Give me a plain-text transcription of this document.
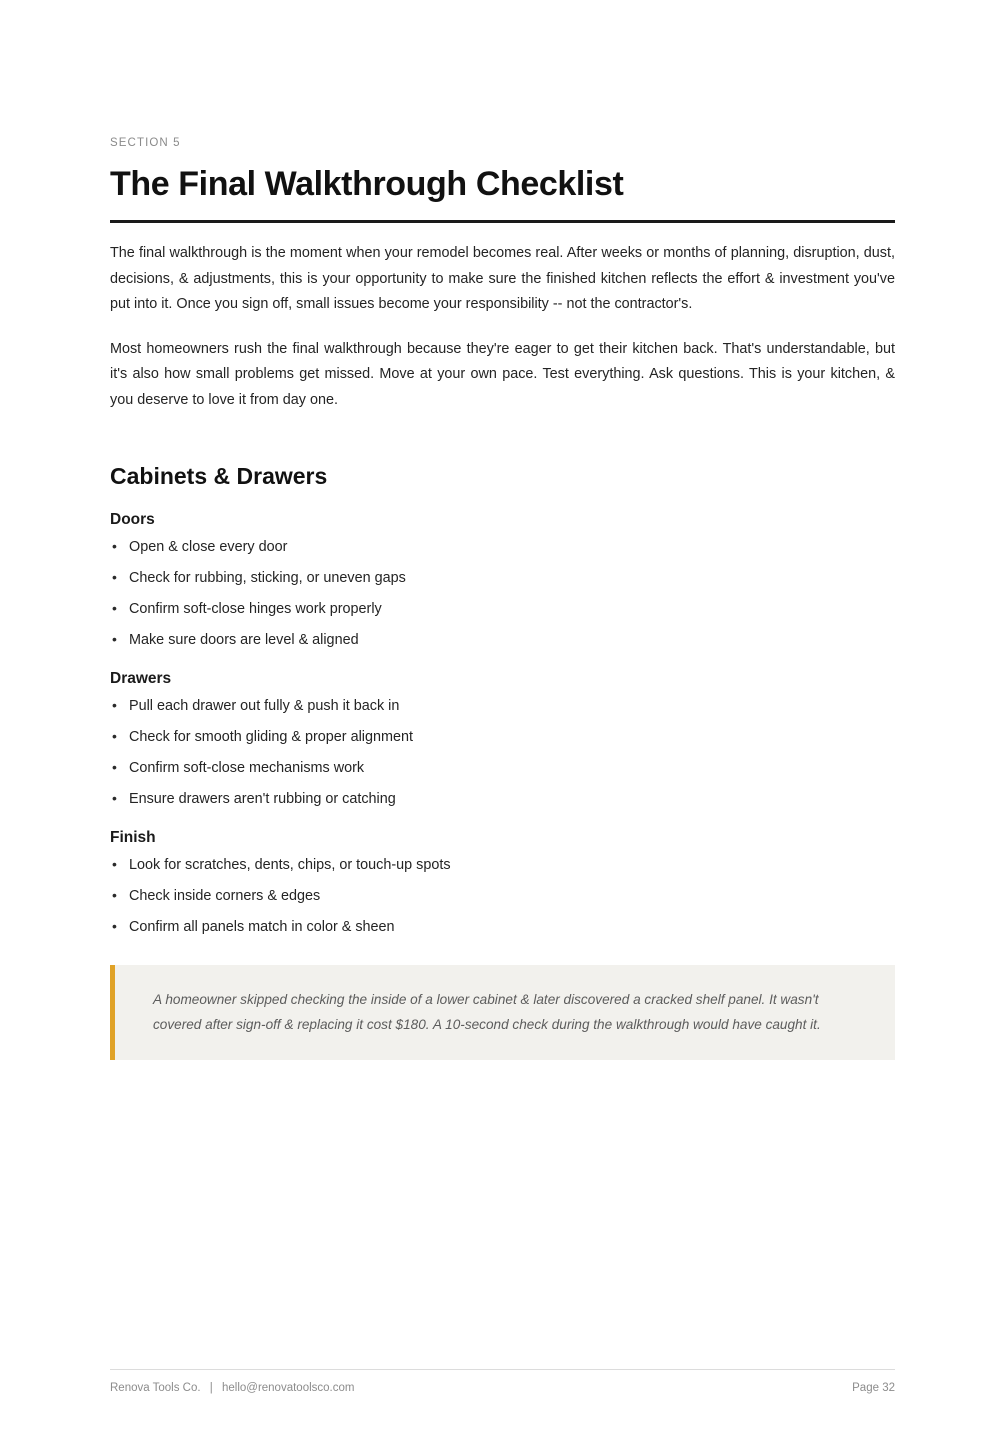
SECTION 5
The Final Walkthrough Checklist

The final walkthrough is the moment when your remodel becomes real. After weeks or months of planning, disruption, dust, decisions, & adjustments, this is your opportunity to make sure the finished kitchen reflects the effort & investment you've put into it. Once you sign off, small issues become your responsibility -- not the contractor's.

Most homeowners rush the final walkthrough because they're eager to get their kitchen back. That's understandable, but it's also how small problems get missed. Move at your own pace. Test everything. Ask questions. This is your kitchen, & you deserve to love it from day one.

Cabinets & Drawers
Doors
• Open & close every door
• Check for rubbing, sticking, or uneven gaps
• Confirm soft-close hinges work properly
• Make sure doors are level & aligned
Drawers
• Pull each drawer out fully & push it back in
• Check for smooth gliding & proper alignment
• Confirm soft-close mechanisms work
• Ensure drawers aren't rubbing or catching
Finish
• Look for scratches, dents, chips, or touch-up spots
• Check inside corners & edges
• Confirm all panels match in color & sheen

A homeowner skipped checking the inside of a lower cabinet & later discovered a cracked shelf panel. It wasn't covered after sign-off & replacing it cost $180. A 10-second check during the walkthrough would have caught it.

Renova Tools Co. | hello@renovatoolsco.com	Page 32
